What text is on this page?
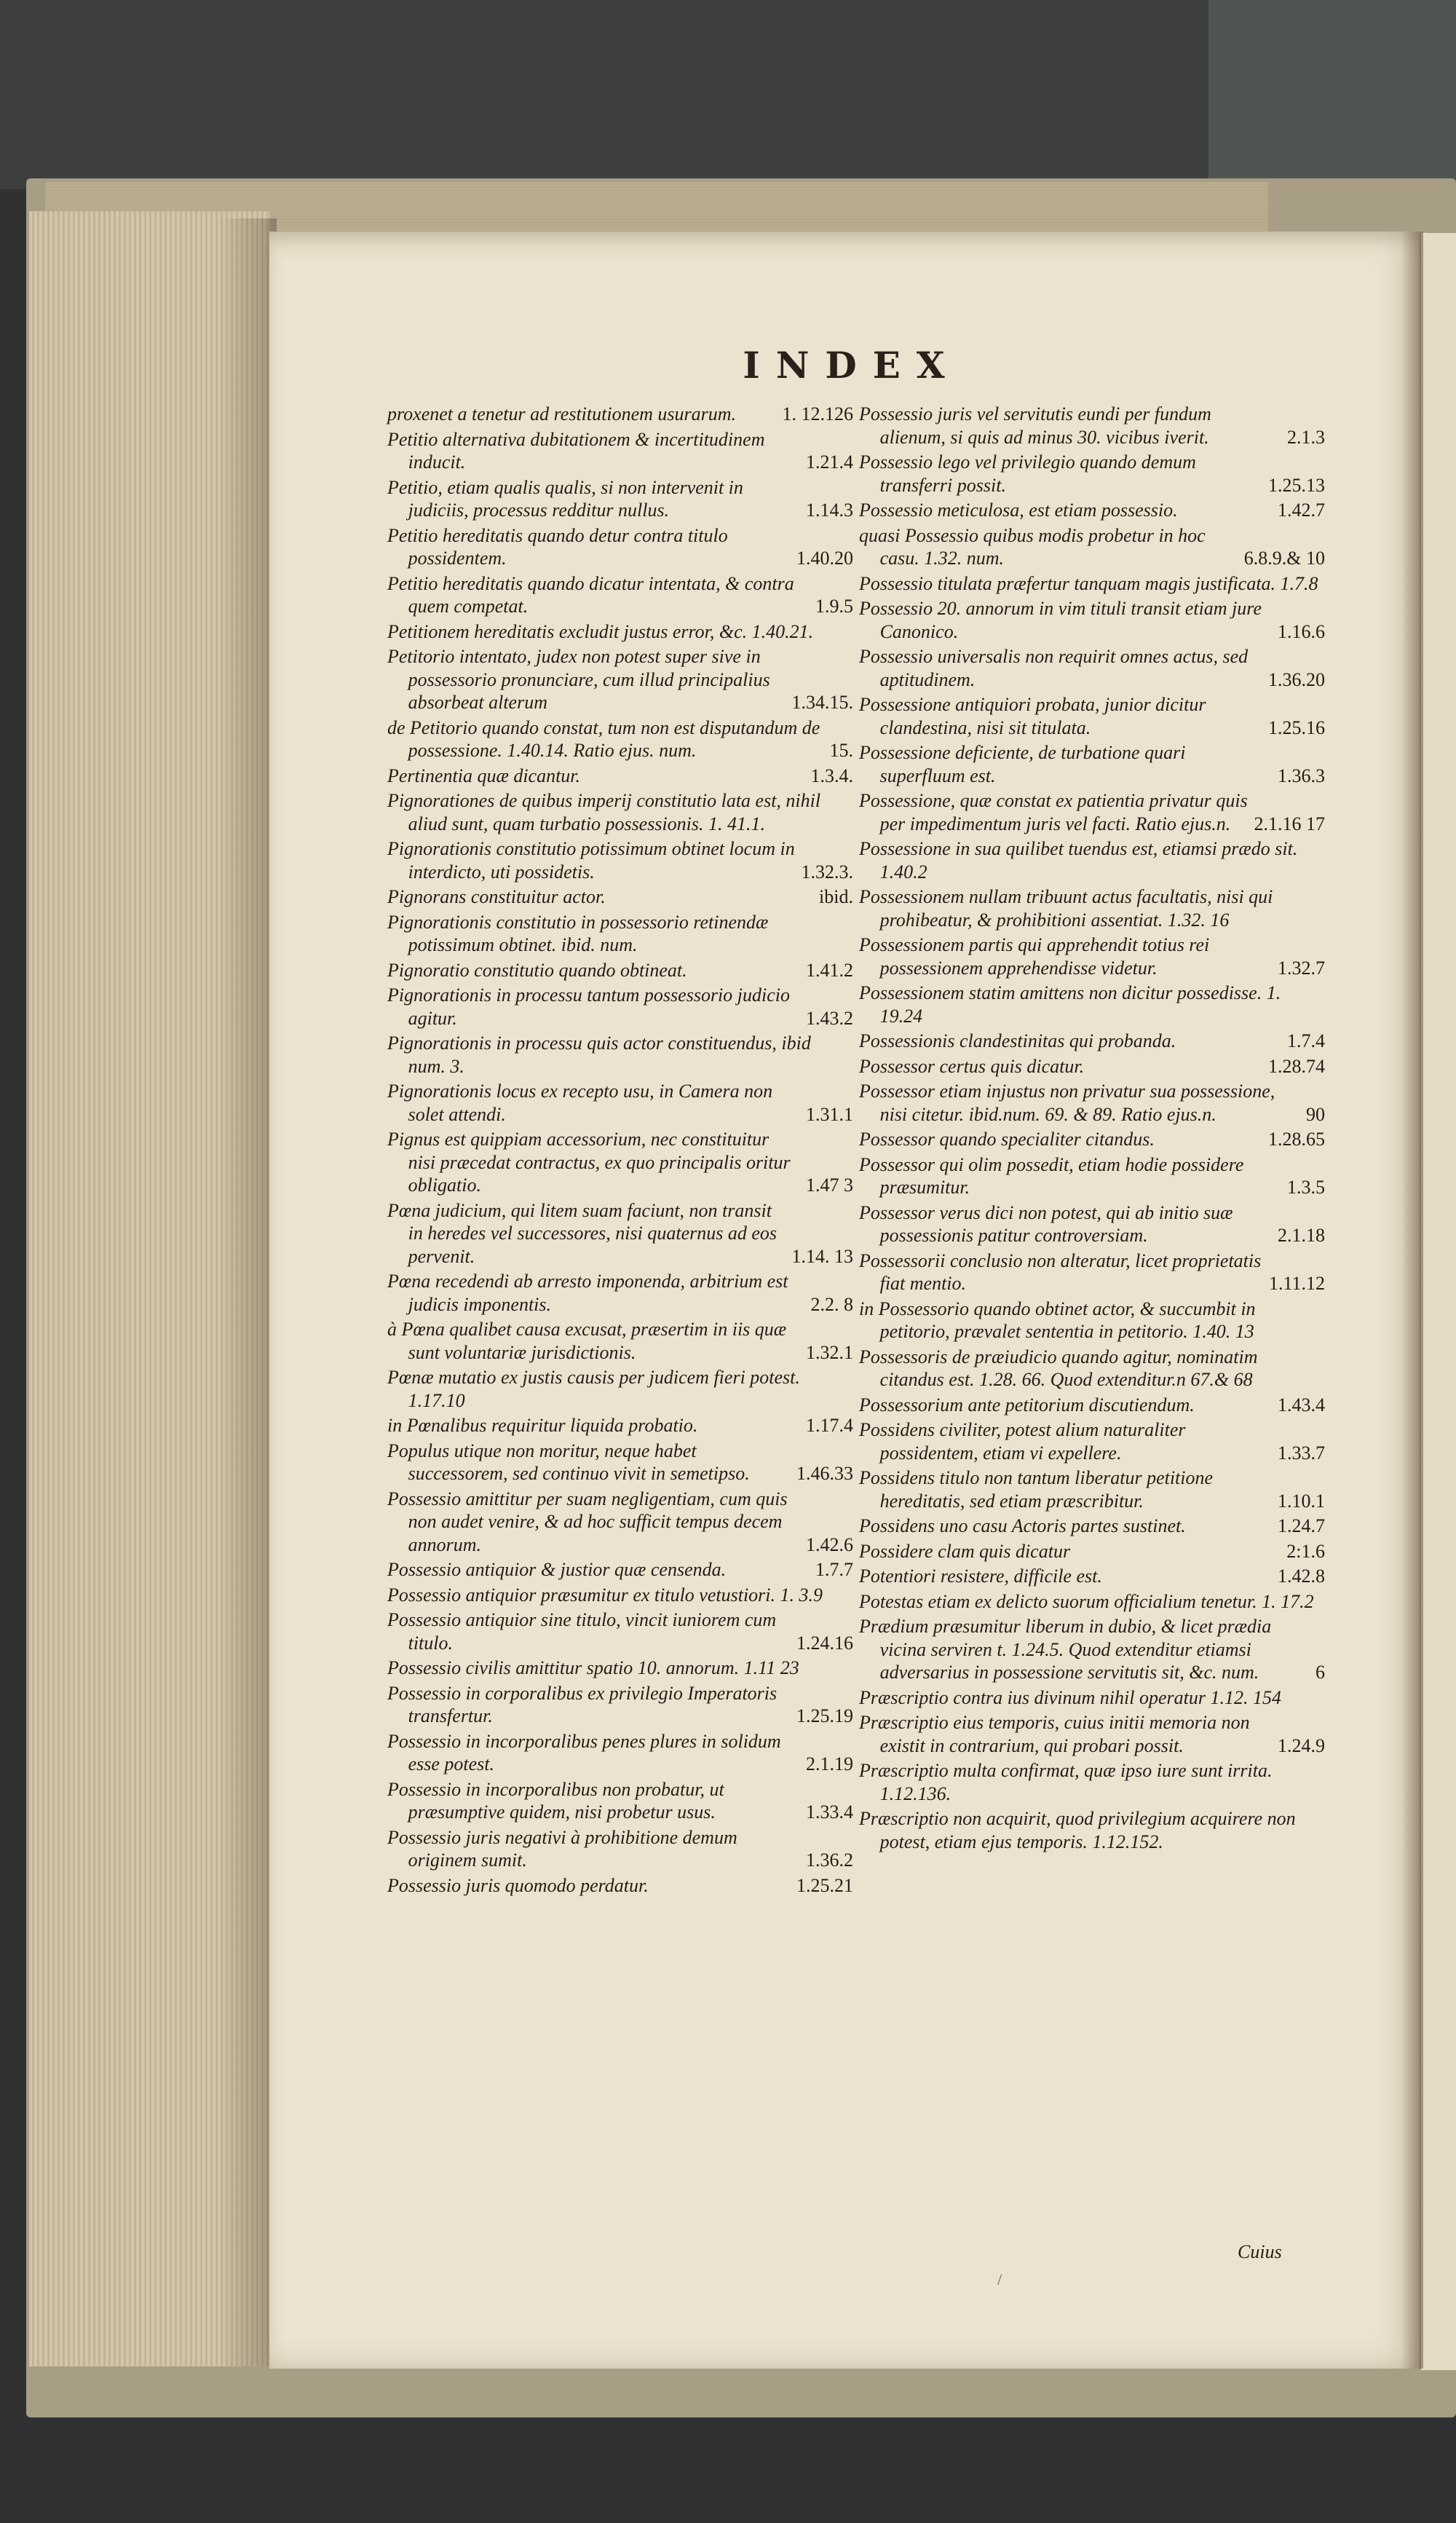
INDEX
proxenet a tenetur ad restitutionem usurarum.	1. 12.126
Petitio alternativa dubitationem & incertitudinem inducit.	1.21.4
Petitio, etiam qualis qualis, si non intervenit in judiciis, processus redditur nullus.	1.14.3
Petitio hereditatis quando detur contra titulo possidentem.	1.40.20
Petitio hereditatis quando dicatur intentata, & contra quem competat.	1.9.5
Petitionem hereditatis excludit justus error, &c. 1.40.21.
Petitorio intentato, judex non potest super sive in possessorio pronunciare, cum illud principalius absorbeat alterum	1.34.15.
de Petitorio quando constat, tum non est disputandum de possessione. 1.40.14. Ratio ejus. num.	15.
Pertinentia quæ dicantur.	1.3.4.
Pignorationes de quibus imperij constitutio lata est, nihil aliud sunt, quam turbatio possessionis. 1. 41.1.
Pignorationis constitutio potissimum obtinet locum in interdicto, uti possidetis.	1.32.3.
Pignorans constituitur actor.	ibid.
Pignorationis constitutio in possessorio retinendæ potissimum obtinet. ibid. num.
Pignoratio constitutio quando obtineat.	1.41.2
Pignorationis in processu tantum possessorio judicio agitur.	1.43.2
Pignorationis in processu quis actor constituendus, ibid num. 3.
Pignorationis locus ex recepto usu, in Camera non solet attendi.	1.31.1
Pignus est quippiam accessorium, nec constituitur nisi præcedat contractus, ex quo principalis oritur obligatio.	1.47 3
Pœna judicium, qui litem suam faciunt, non transit in heredes vel successores, nisi quaternus ad eos pervenit.	1.14. 13
Pœna recedendi ab arresto imponenda, arbitrium est judicis imponentis.	2.2. 8
à Pœna qualibet causa excusat, præsertim in iis quæ sunt voluntariæ jurisdictionis.	1.32.1
Pœnæ mutatio ex justis causis per judicem fieri potest. 1.17.10
in Pœnalibus requiritur liquida probatio.	1.17.4
Populus utique non moritur, neque habet successorem, sed continuo vivit in semetipso.	1.46.33
Possessio amittitur per suam negligentiam, cum quis non audet venire, & ad hoc sufficit tempus decem annorum.	1.42.6
Possessio antiquior & justior quæ censenda.	1.7.7
Possessio antiquior præsumitur ex titulo vetustiori. 1. 3.9
Possessio antiquior sine titulo, vincit iuniorem cum titulo.	1.24.16
Possessio civilis amittitur spatio 10. annorum. 1.11 23
Possessio in corporalibus ex privilegio Imperatoris transfertur.	1.25.19
Possessio in incorporalibus penes plures in solidum esse potest.	2.1.19
Possessio in incorporalibus non probatur, ut præsumptive quidem, nisi probetur usus.	1.33.4
Possessio juris negativi à prohibitione demum originem sumit.	1.36.2
Possessio juris quomodo perdatur.	1.25.21
Possessio juris vel servitutis eundi per fundum alienum, si quis ad minus 30. vicibus iverit.	2.1.3
Possessio lego vel privilegio quando demum transferri possit.	1.25.13
Possessio meticulosa, est etiam possessio.	1.42.7
quasi Possessio quibus modis probetur in hoc casu. 1.32. num.	6.8.9.& 10
Possessio titulata præfertur tanquam magis justificata. 1.7.8
Possessio 20. annorum in vim tituli transit etiam jure Canonico.	1.16.6
Possessio universalis non requirit omnes actus, sed aptitudinem.	1.36.20
Possessione antiquiori probata, junior dicitur clandestina, nisi sit titulata.	1.25.16
Possessione deficiente, de turbatione quari superfluum est.	1.36.3
Possessione, quæ constat ex patientia privatur quis per impedimentum juris vel facti. Ratio ejus.n.	2.1.16 17
Possessione in sua quilibet tuendus est, etiamsi prædo sit. 1.40.2
Possessionem nullam tribuunt actus facultatis, nisi qui prohibeatur, & prohibitioni assentiat. 1.32. 16
Possessionem partis qui apprehendit totius rei possessionem apprehendisse videtur.	1.32.7
Possessionem statim amittens non dicitur possedisse. 1. 19.24
Possessionis clandestinitas qui probanda.	1.7.4
Possessor certus quis dicatur.	1.28.74
Possessor etiam injustus non privatur sua possessione, nisi citetur. ibid.num. 69. & 89. Ratio ejus.n.	90
Possessor quando specialiter citandus.	1.28.65
Possessor qui olim possedit, etiam hodie possidere præsumitur.	1.3.5
Possessor verus dici non potest, qui ab initio suæ possessionis patitur controversiam.	2.1.18
Possessorii conclusio non alteratur, licet proprietatis fiat mentio.	1.11.12
in Possessorio quando obtinet actor, & succumbit in petitorio, prævalet sententia in petitorio. 1.40. 13
Possessoris de præiudicio quando agitur, nominatim citandus est. 1.28. 66. Quod extenditur.n 67.& 68
Possessorium ante petitorium discutiendum.	1.43.4
Possidens civiliter, potest alium naturaliter possidentem, etiam vi expellere.	1.33.7
Possidens titulo non tantum liberatur petitione hereditatis, sed etiam præscribitur.	1.10.1
Possidens uno casu Actoris partes sustinet.	1.24.7
Possidere clam quis dicatur	2:1.6
Potentiori resistere, difficile est.	1.42.8
Potestas etiam ex delicto suorum officialium tenetur. 1. 17.2
Prædium præsumitur liberum in dubio, & licet prædia vicina serviren t. 1.24.5. Quod extenditur etiamsi adversarius in possessione servitutis sit, &c. num.	6
Præscriptio contra ius divinum nihil operatur 1.12. 154
Præscriptio eius temporis, cuius initii memoria non existit in contrarium, qui probari possit.	1.24.9
Præscriptio multa confirmat, quæ ipso iure sunt irrita. 1.12.136.
Præscriptio non acquirit, quod privilegium acquirere non potest, etiam ejus temporis. 1.12.152.
Cuius
/
